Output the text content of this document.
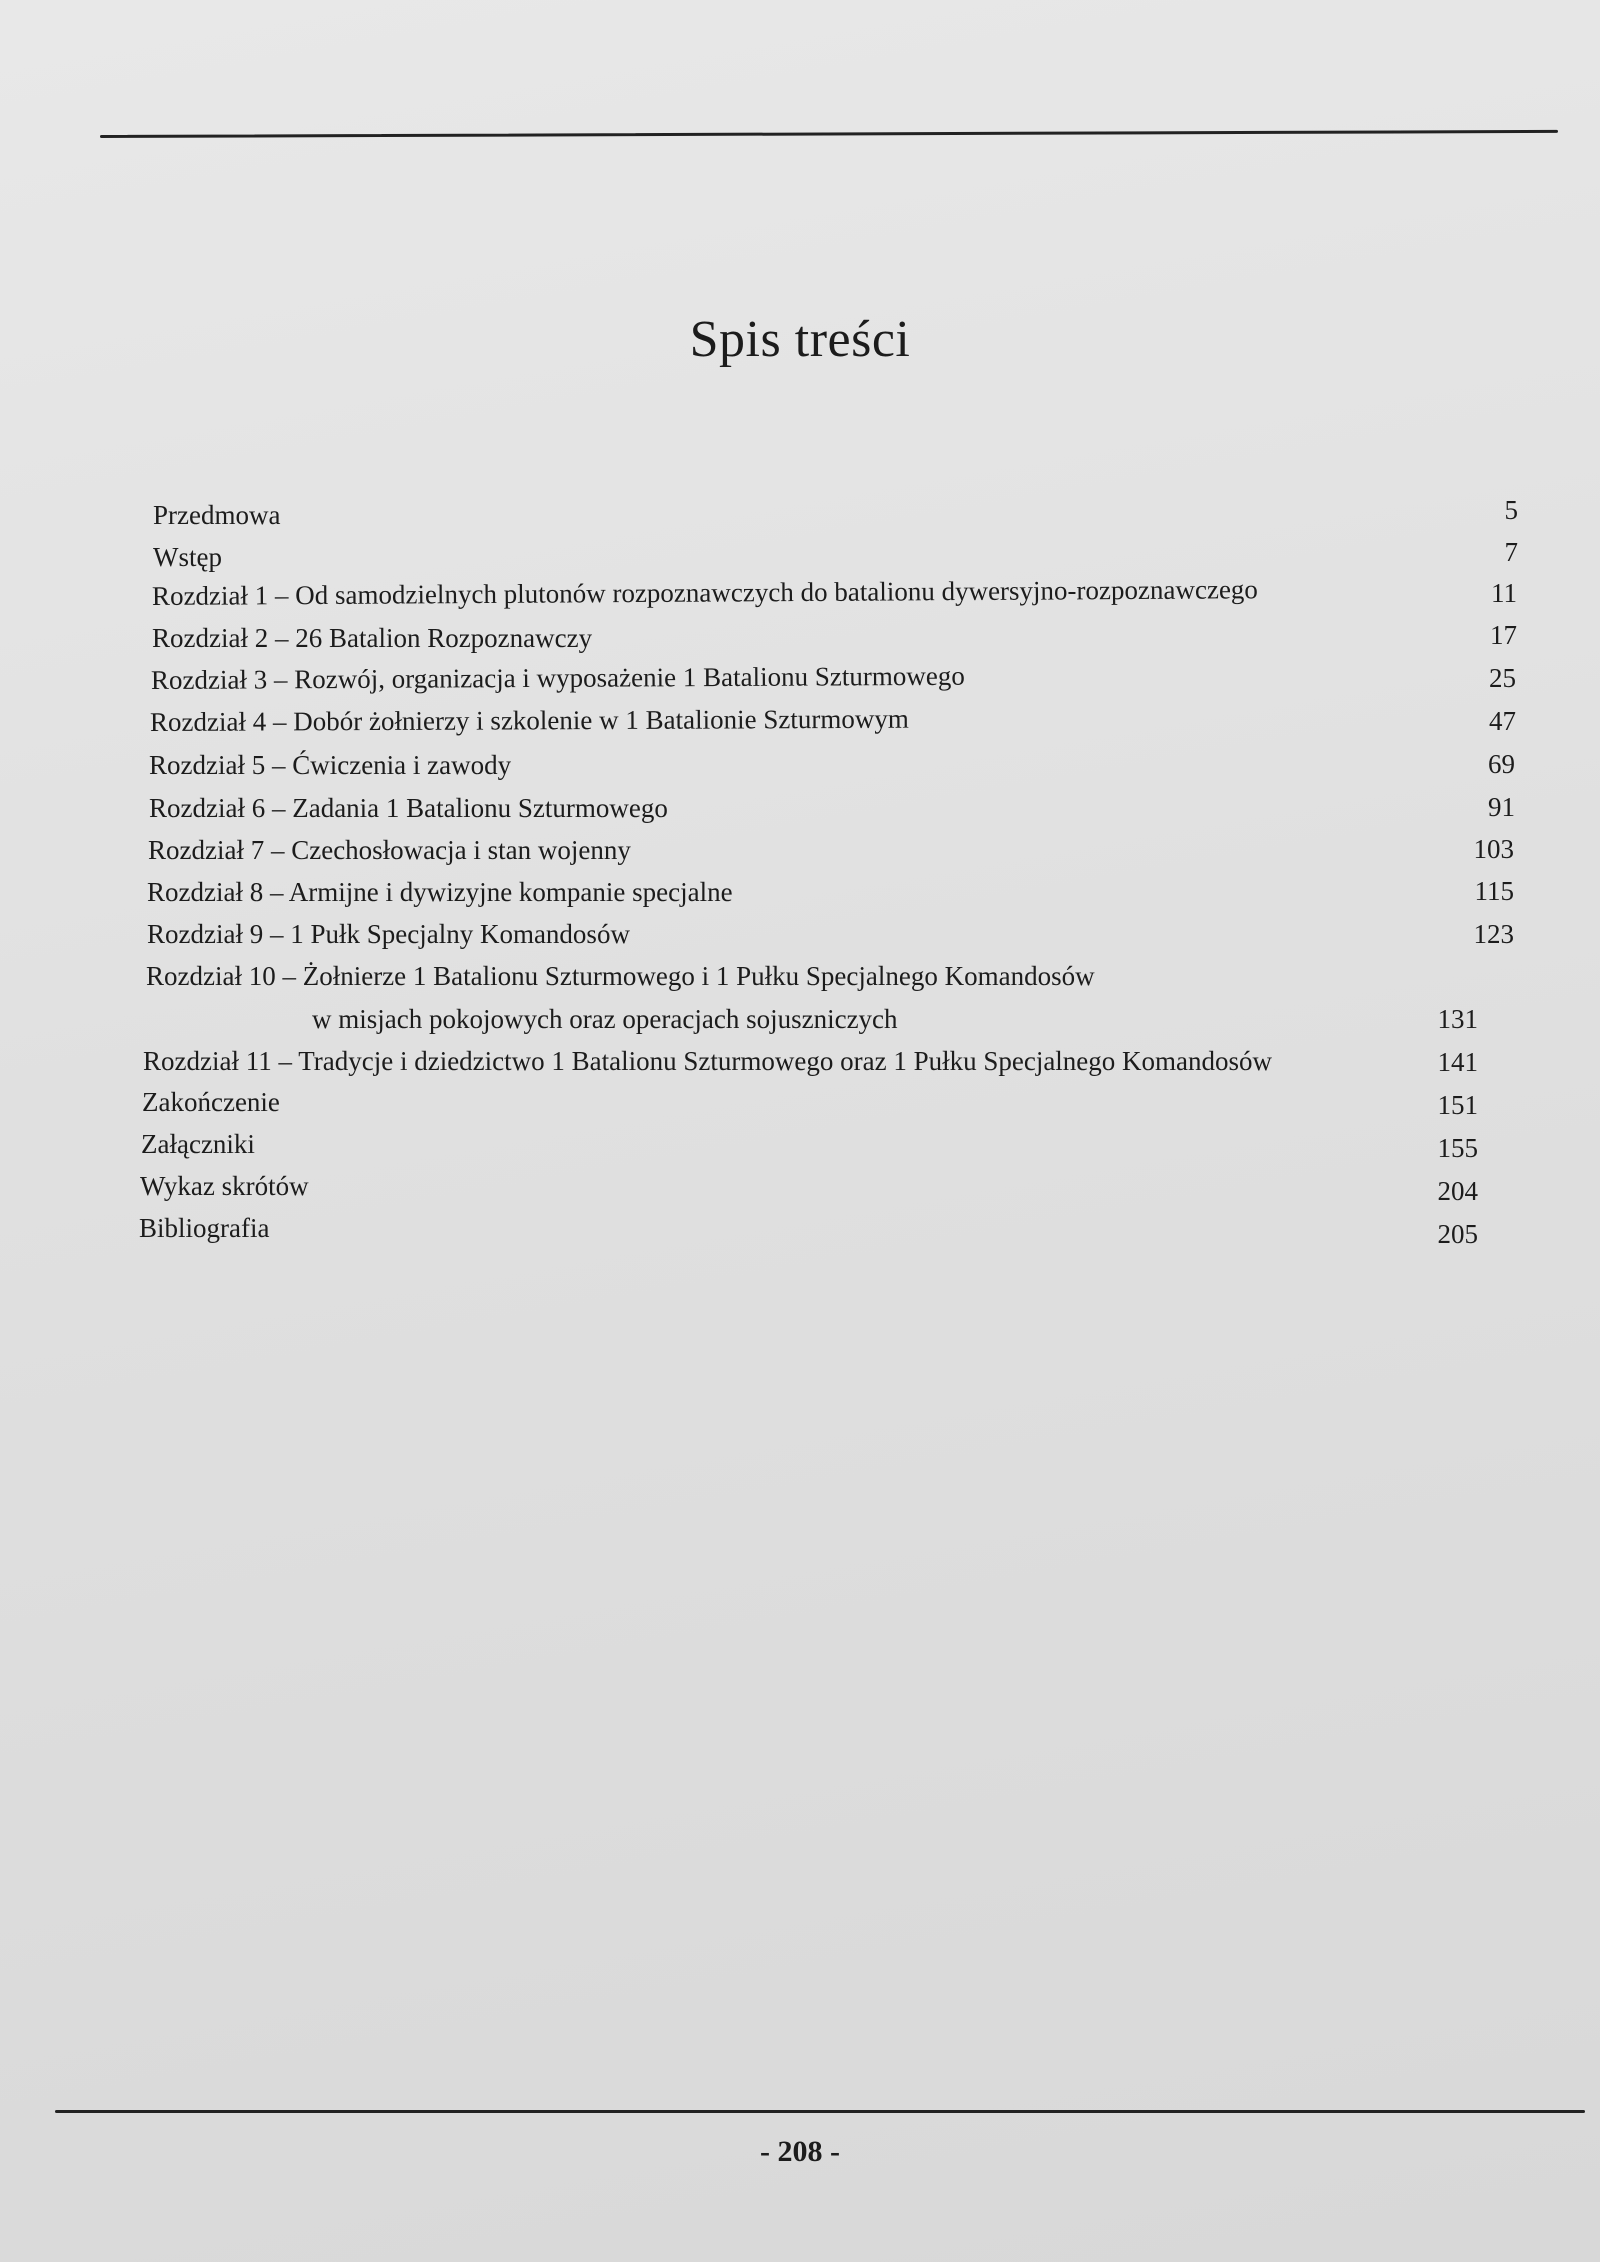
Spis treści
Przedmowa	5
Wstęp	7
Rozdział 1 – Od samodzielnych plutonów rozpoznawczych do batalionu dywersyjno-rozpoznawczego	11
Rozdział 2 – 26 Batalion Rozpoznawczy	17
Rozdział 3 – Rozwój, organizacja i wyposażenie 1 Batalionu Szturmowego	25
Rozdział 4 – Dobór żołnierzy i szkolenie w 1 Batalionie Szturmowym	47
Rozdział 5 – Ćwiczenia i zawody	69
Rozdział 6 – Zadania 1 Batalionu Szturmowego	91
Rozdział 7 – Czechosłowacja i stan wojenny	103
Rozdział 8 – Armijne i dywizyjne kompanie specjalne	115
Rozdział 9 – 1 Pułk Specjalny Komandosów	123
Rozdział 10 – Żołnierze 1 Batalionu Szturmowego i 1 Pułku Specjalnego Komandosów
w misjach pokojowych oraz operacjach sojuszniczych	131
Rozdział 11 – Tradycje i dziedzictwo 1 Batalionu Szturmowego oraz 1 Pułku Specjalnego Komandosów	141
Zakończenie	151
Załączniki	155
Wykaz skrótów	204
Bibliografia	205
- 208 -
